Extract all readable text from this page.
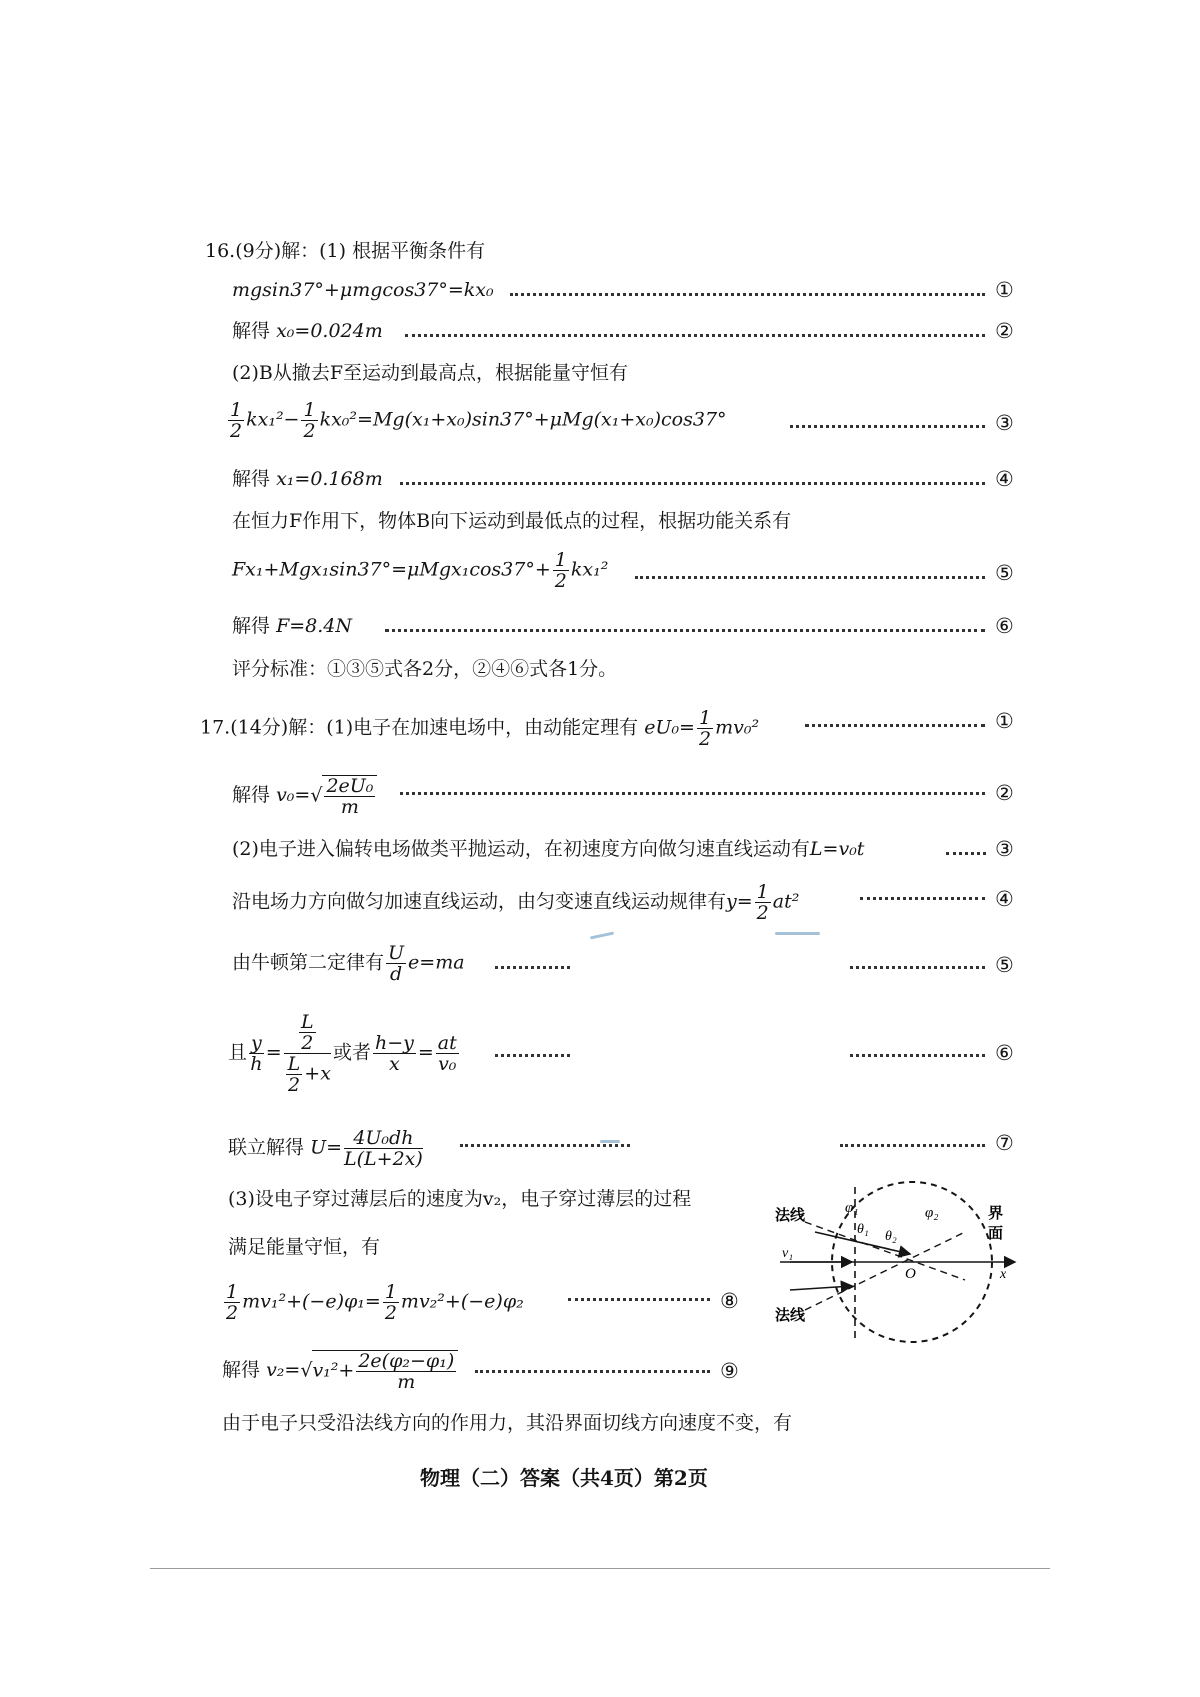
16.(9分)解：(1) 根据平衡条件有
mgsin37°+μmgcos37°=kx₀	①
解得 x₀=0.024m	②
(2)B从撤去F至运动到最高点，根据能量守恒有
$\frac{1}{2} kx_1^2- \frac{1}{2} kx_0^2=Mg(x_1+x_0)\sin 37^\circ+\mu Mg(x_1+x_0)\cos 37^\circ$	③
解得 x₁=0.168m	④
在恒力F作用下，物体B向下运动到最低点的过程，根据功能关系有
$Fx_1+Mgx_1\sin 37^\circ=\mu Mgx_1\cos 37^\circ+ \frac{1}{2} kx_1^2$	⑤
解得 F=8.4N	⑥
评分标准：①③⑤式各2分，②④⑥式各1分。
17.(14分)解：(1)电子在加速电场中，由动能定理有 $eU_0= \frac{1}{2} mv_0^2$	①
解得 $v_0=√ \frac{\text{2eU₀}}{m}$	②
(2)电子进入偏转电场做类平抛运动，在初速度方向做匀速直线运动有L=v₀t	③
沿电场力方向做匀加速直线运动，由匀变速直线运动规律有$y= \frac{1}{2} at^2$	④
由牛顿第二定律有 $\frac{U}{d} e=ma$	⑤
且 $\frac{y}{h} = \frac{\frac{L}{2}}{\frac{L}{2} +x}$ 或者 $\frac{h-y}{x} = \frac{at}{\text{v₀}}$	⑥
联立解得 $U= \frac{\text{4U₀dh}}{L(L+2x)}$	⑦
(3)设电子穿过薄层后的速度为v₂，电子穿过薄层的过程
满足能量守恒，有
$\frac{1}{2} mv_1^2+(-e)\varphi_1= \frac{1}{2} mv_2^2+(-e)\varphi_2$	⑧
解得 $v_2=√v_1^2+ \frac{\text{2e(φ₂−φ₁)}}{m}$	⑨
由于电子只受沿法线方向的作用力，其沿界面切线方向速度不变，有
法线
法线
φ₁	φ₂
θ₁ θ₂
v₁
O	x
界面
物理（二）答案（共4页）第2页
